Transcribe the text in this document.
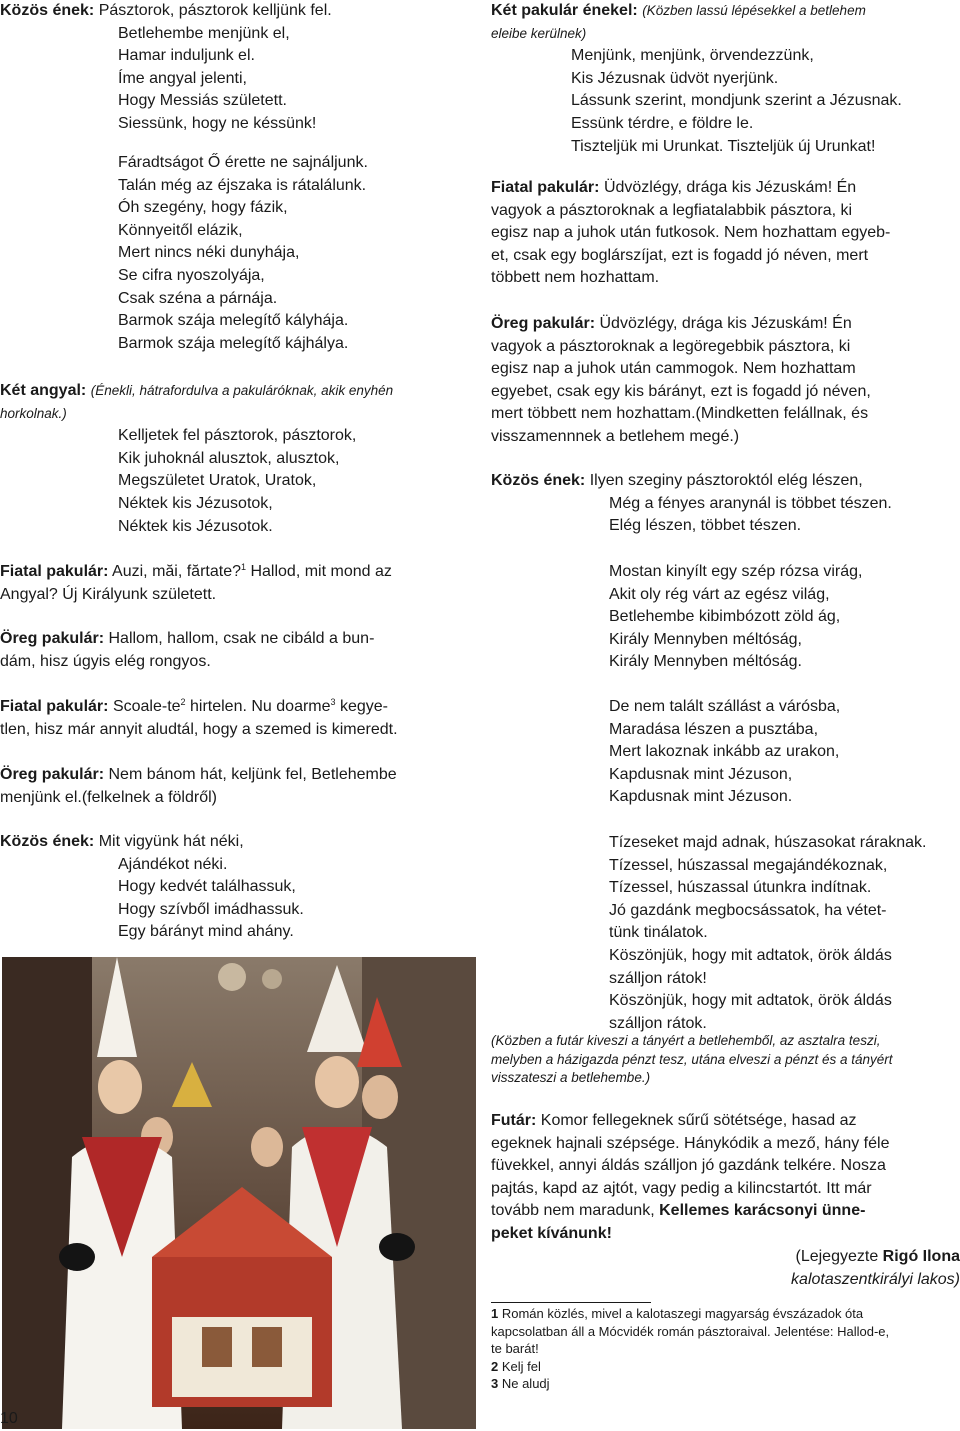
Közös ének: Pásztorok, pásztorok kelljünk fel.
Betlehembe menjünk el,
Hamar induljunk el.
Íme angyal jelenti,
Hogy Messiás született.
Siessünk, hogy ne késsünk!
Fáradtságot Ő érette ne sajnáljunk.
Talán még az éjszaka is rátalálunk.
Óh szegény, hogy fázik,
Könnyeitől elázik,
Mert nincs néki dunyhája,
Se cifra nyoszolyája,
Csak széna a párnája.
Barmok szája melegítő kályhája.
Barmok szája melegítő kájhálya.
Két angyal: (Énekli, hátrafordulva a pakuláróknak, akik enyhén
horkolnak.)
Kelljetek fel pásztorok, pásztorok,
Kik juhoknál alusztok, alusztok,
Megszületet Uratok, Uratok,
Néktek kis Jézusotok,
Néktek kis Jézusotok.
Fiatal pakulár: Auzi, măi, fărtate?$^1$ Hallod, mit mond az
Angyal? Új Királyunk született.
Öreg pakulár: Hallom, hallom, csak ne cibáld a bun-
dám, hisz úgyis elég rongyos.
Fiatal pakulár: Scoale-$te^2$ hirtelen. Nu doarme$^3$ kegye-
tlen, hisz már annyit aludtál, hogy a szemed is kimeredt.
Öreg pakulár: Nem bánom hát, keljünk fel, Betlehembe
menjünk el.(felkelnek a földről)
Közös ének: Mit vigyünk hát néki,
Ajándékot néki.
Hogy kedvét találhassuk,
Hogy szívből imádhassuk.
Egy bárányt mind ahány.
10
Két pakulár énekel: (Közben lassú lépésekkel a betlehem
eleibe kerülnek)
Menjünk, menjünk, örvendezzünk,
Kis Jézusnak üdvöt nyerjünk.
Lássunk szerint, mondjunk szerint a Jézusnak.
Essünk térdre, e földre le.
Tiszteljük mi Urunkat. Tiszteljük új Urunkat!
Fiatal pakulár: Üdvözlégy, drága kis Jézuskám! Én
vagyok a pásztoroknak a legfiatalabbik pásztora, ki
egisz nap a juhok után futkosok. Nem hozhattam egyeb-
et, csak egy boglárszíjat, ezt is fogadd jó néven, mert
többett nem hozhattam.
Öreg pakulár: Üdvözlégy, drága kis Jézuskám! Én
vagyok a pásztoroknak a legöregebbik pásztora, ki
egisz nap a juhok után cammogok. Nem hozhattam
egyebet, csak egy kis bárányt, ezt is fogadd jó néven,
mert többett nem hozhattam.(Mindketten felállnak, és
visszamennnek a betlehem megé.)
Közös ének: Ilyen szeginy pásztoroktól elég lészen,
Még a fényes aranynál is többet tészen.
Elég lészen, többet tészen.
Mostan kinyílt egy szép rózsa virág,
Akit oly rég várt az egész világ,
Betlehembe kibimbózott zöld ág,
Király Mennyben méltóság,
Király Mennyben méltóság.
De nem talált szállást a várósba,
Maradása lészen a pusztába,
Mert lakoznak inkább az urakon,
Kapdusnak mint Jézuson,
Kapdusnak mint Jézuson.
Tízeseket majd adnak, húszasokat ráraknak.
Tízessel, húszassal megajándékoznak,
Tízessel, húszassal útunkra indítnak.
Jó gazdánk megbocsássatok, ha vétet-
tünk tinálatok.
Köszönjük, hogy mit adtatok, örök áldás
szálljon rátok!
Köszönjük, hogy mit adtatok, örök áldás
szálljon rátok.
(Közben a futár kiveszi a tányért a betlehemből, az asztalra teszi,
melyben a házigazda pénzt tesz, utána elveszi a pénzt és a tányért
visszateszi a betlehembe.)
Futár: Komor fellegeknek sűrű sötétsége, hasad az
egeknek hajnali szépsége. Hánykódik a mező, hány féle
füvekkel, annyi áldás szálljon jó gazdánk telkére. Nosza
pajtás, kapd az ajtót, vagy pedig a kilincstartót. Itt már
tovább nem maradunk, Kellemes karácsonyi ünne-
peket kívánunk!
(Lejegyezte Rigó Ilona
kalotaszentkirályi lakos)
1 Román közlés, mivel a kalotaszegi magyarság évszázadok óta
kapcsolatban áll a Mócvidék román pásztoraival. Jelentése: Hallod-e,
te barát!
2 Kelj fel
3 Ne aludj
